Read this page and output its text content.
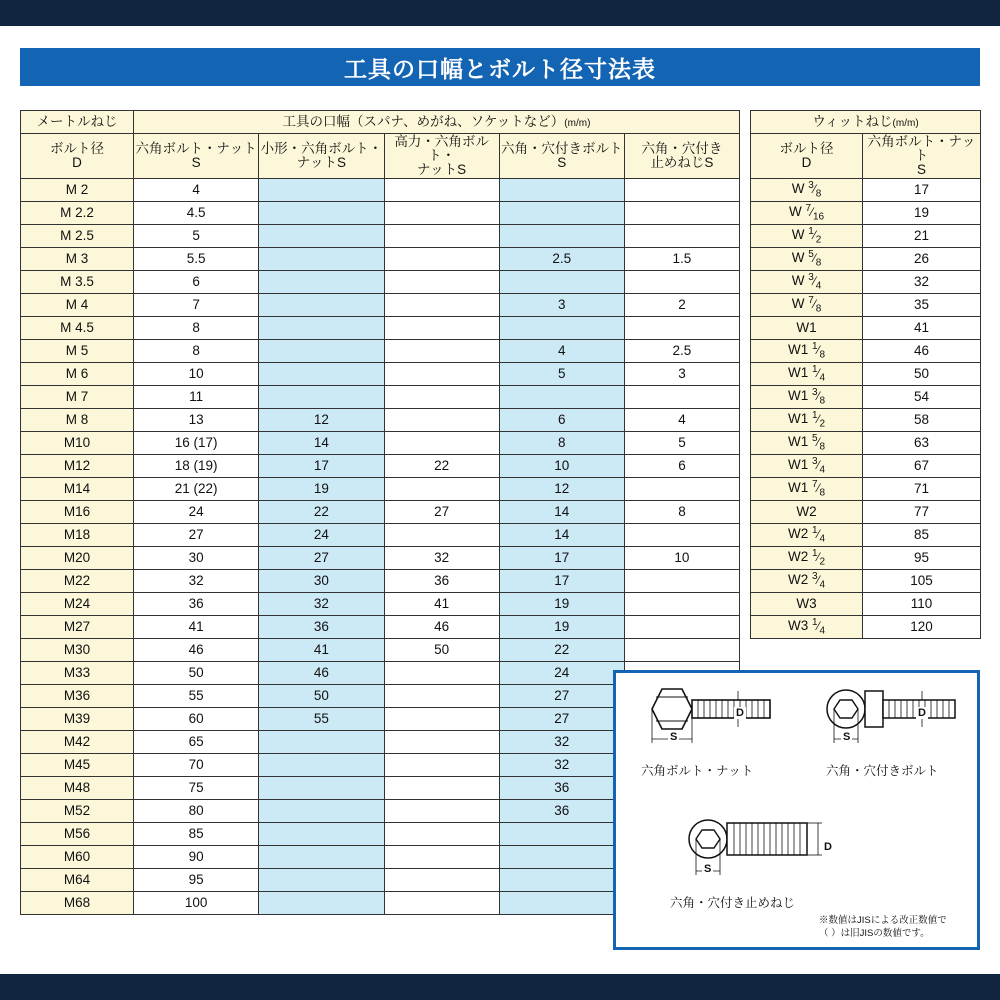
工具の口幅とボルト径寸法表
メートルねじ	工具の口幅（スパナ、めがね、ソケットなど）(m/m)				

ボルト径
D

六角ボルト・ナット
S

小形・六角ボルト・
ナットS

高力・六角ボルト・
ナットS

六角・穴付きボルト
S

六角・穴付き
止めねじS

M 2	4				
M 2.2	4.5				
M 2.5	5				
M 3	5.5			2.5	1.5
M 3.5	6				
M 4	7			3	2
M 4.5	8				
M 5	8			4	2.5
M 6	10			5	3
M 7	11				
M 8	13	12		6	4
M10	16 (17)	14		8	5
M12	18 (19)	17	22	10	6
M14	21 (22)	19		12	
M16	24	22	27	14	8
M18	27	24		14	
M20	30	27	32	17	10
M22	32	30	36	17	
M24	36	32	41	19	
M27	41	36	46	19	
M30	46	41	50	22	
M33	50	46		24	
M36	55	50		27	
M39	60	55		27	
M42	65			32	
M45	70			32	
M48	75			36	
M52	80			36	
M56	85				
M60	90				
M64	95				
M68	100				
ウィットねじ(m/m)	

ボルト径
D

六角ボルト・ナット
S

W $^3⁄_8$	17
W $^7⁄_{16}$	19
W $^1⁄_2$	21
W $^5⁄_8$	26
W $^3⁄_4$	32
W $^7⁄_8$	35
W1	41
W1 $^1⁄_8$	46
W1 $^1⁄_4$	50
W1 $^3⁄_8$	54
W1 $^1⁄_2$	58
W1 $^5⁄_8$	63
W1 $^3⁄_4$	67
W1 $^7⁄_8$	71
W2	77
W2 $^1⁄_4$	85
W2 $^1⁄_2$	95
W2 $^3⁄_4$	105
W3	110
W3 $^1⁄_4$	120
D
S
六角ボルト・ナット
D
S
六角・穴付きボルト
D
S
六角・穴付き止めねじ
※数値はJISによる改正数値で
（ ）は旧JISの数値です。
